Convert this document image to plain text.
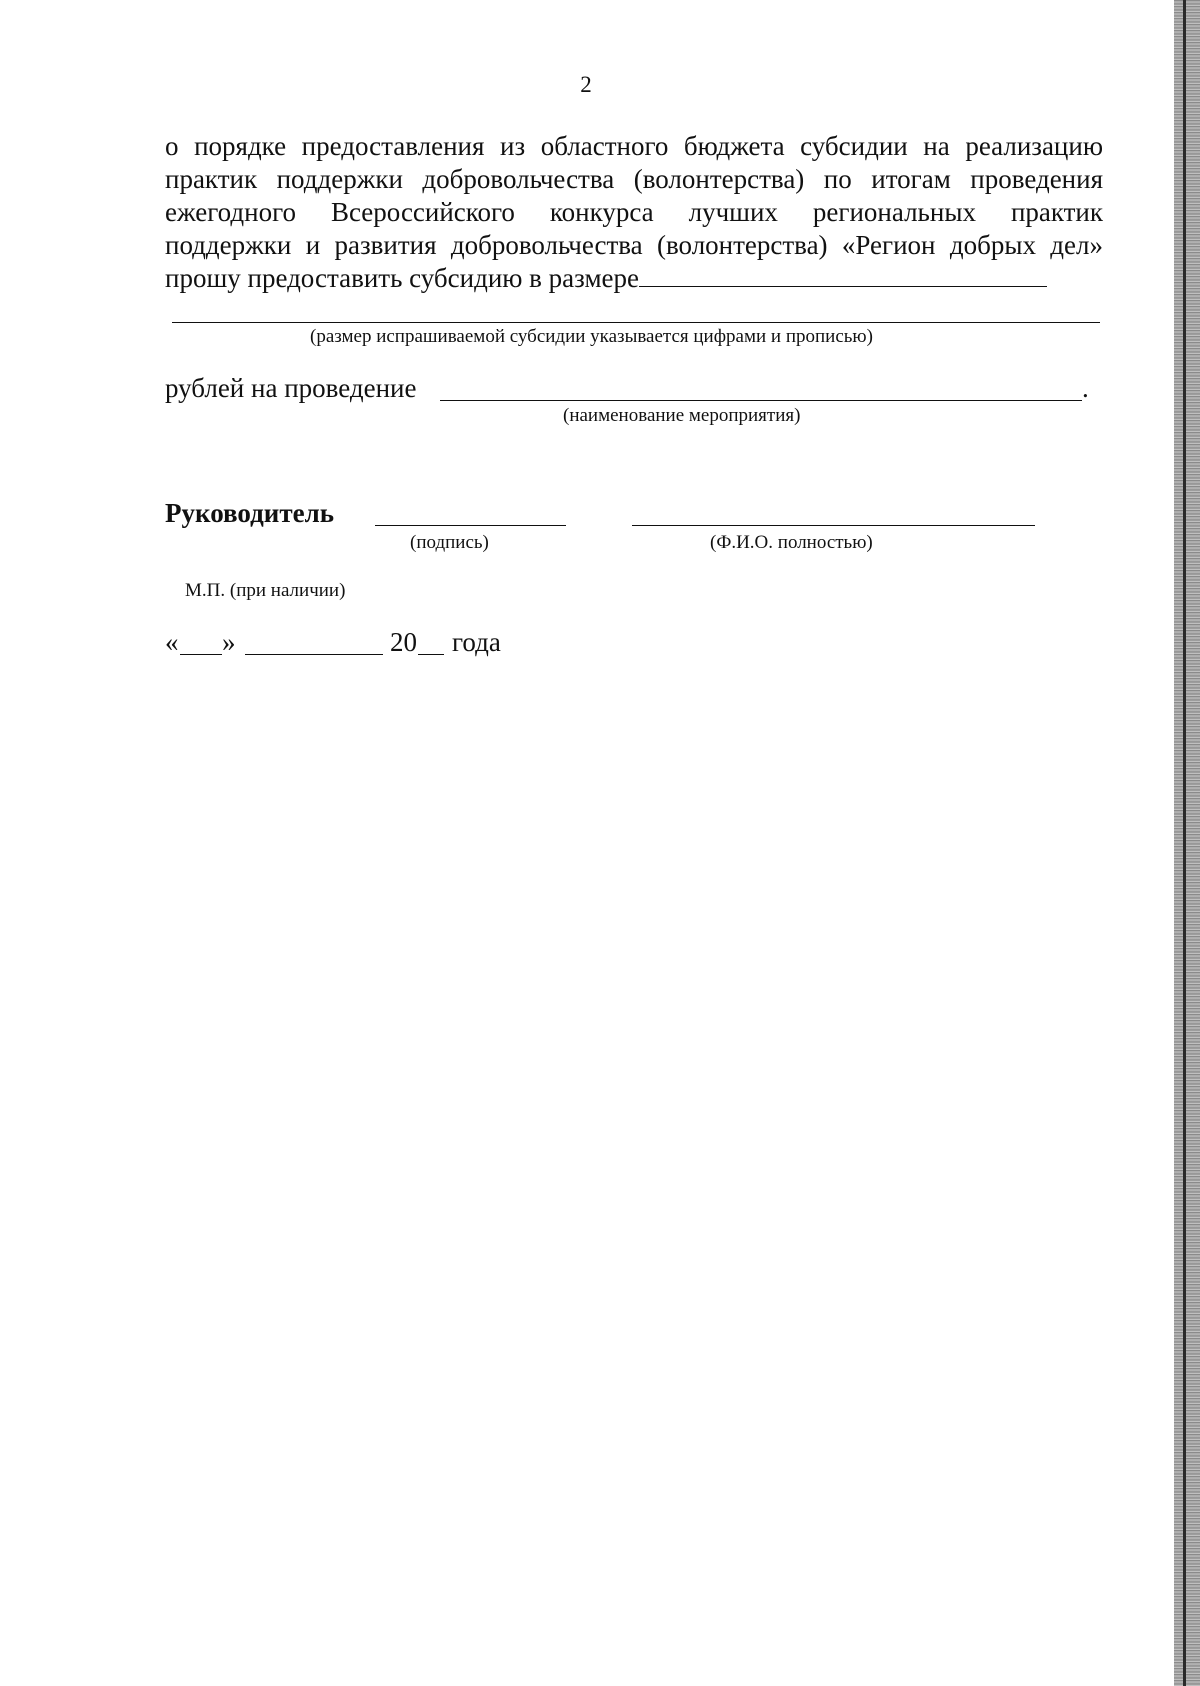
2
о порядке предоставления из областного бюджета субсидии на реализацию
практик поддержки добровольчества (волонтерства) по итогам проведения
ежегодного Всероссийского конкурса лучших региональных практик
поддержки и развития добровольчества (волонтерства) «Регион добрых дел»
прошу предоставить субсидию в размере
(размер испрашиваемой субсидии указывается цифрами и прописью)
рублей на проведение	.
(наименование мероприятия)
Руководитель
(подпись)	(Ф.И.О. полностью)
М.П. (при наличии)
« »	20 года
